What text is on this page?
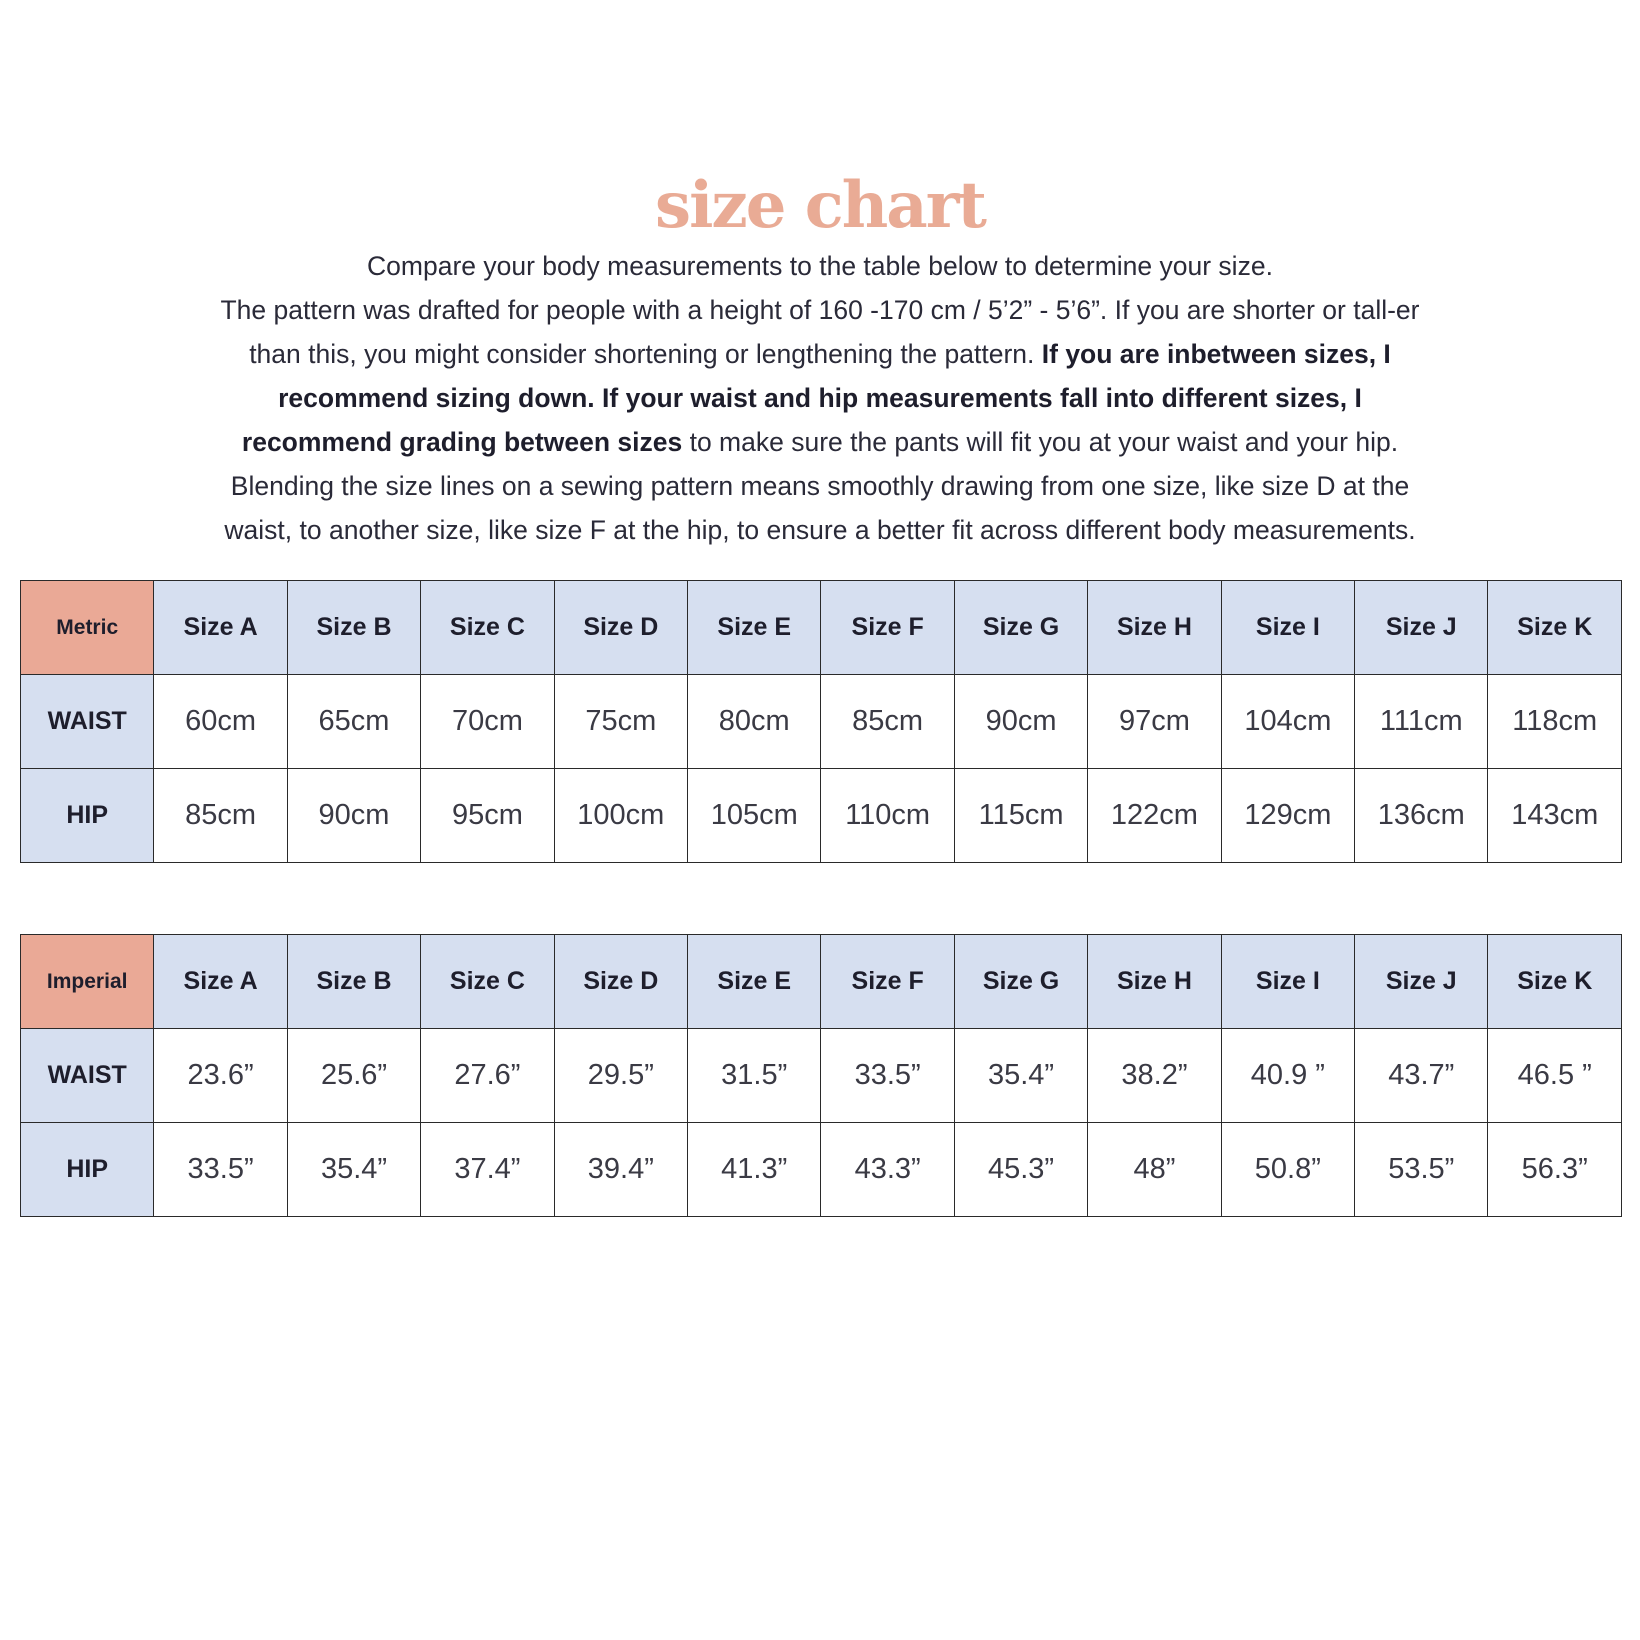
size chart

Compare your body measurements to the table below to determine your size.
The pattern was drafted for people with a height of 160 -170 cm / 5’2” - 5’6”. If you are shorter or tall-er than this, you might consider shortening or lengthening the pattern. If you are inbetween sizes, I recommend sizing down. If your waist and hip measurements fall into different sizes, I recommend grading between sizes to make sure the pants will fit you at your waist and your hip. Blending the size lines on a sewing pattern means smoothly drawing from one size, like size D at the waist, to another size, like size F at the hip, to ensure a better fit across different body measurements.

Metric	Size A	Size B	Size C	Size D	Size E	Size F	Size G	Size H	Size I	Size J	Size K
WAIST	60cm	65cm	70cm	75cm	80cm	85cm	90cm	97cm	104cm	111cm	118cm
HIP	85cm	90cm	95cm	100cm	105cm	110cm	115cm	122cm	129cm	136cm	143cm
Imperial	Size A	Size B	Size C	Size D	Size E	Size F	Size G	Size H	Size I	Size J	Size K
WAIST	23.6”	25.6”	27.6”	29.5”	31.5”	33.5”	35.4”	38.2”	40.9 ”	43.7”	46.5 ”
HIP	33.5”	35.4”	37.4”	39.4”	41.3”	43.3”	45.3”	48”	50.8”	53.5”	56.3”
